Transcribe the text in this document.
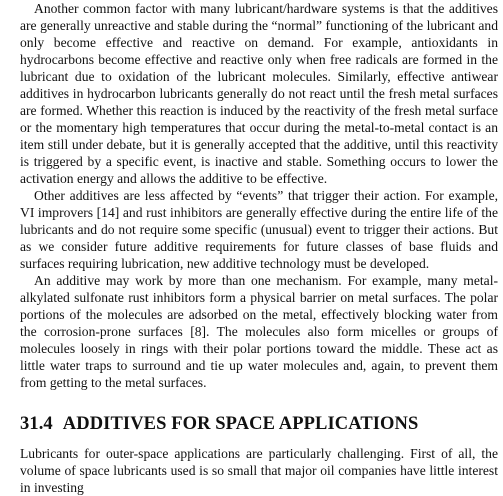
Another common factor with many lubricant/hardware systems is that the additives are generally unreactive and stable during the “normal” functioning of the lubricant and only become effective and reactive on demand. For example, antioxidants in hydrocarbons become effective and reactive only when free radicals are formed in the lubricant due to oxidation of the lubricant molecules. Similarly, effective antiwear additives in hydrocarbon lubricants generally do not react until the fresh metal surfaces are formed. Whether this reaction is induced by the reactivity of the fresh metal surface or the momentary high temperatures that occur during the metal-to-metal contact is an item still under debate, but it is generally accepted that the additive, until this reactivity is triggered by a specific event, is inactive and stable. Something occurs to lower the activation energy and allows the additive to be effective.

Other additives are less affected by “events” that trigger their action. For example, VI improvers [14] and rust inhibitors are generally effective during the entire life of the lubricants and do not require some specific (unusual) event to trigger their actions. But as we consider future additive requirements for future classes of base fluids and surfaces requiring lubrication, new additive technology must be developed.

An additive may work by more than one mechanism. For example, many metal-alkylated sulfonate rust inhibitors form a physical barrier on metal surfaces. The polar portions of the molecules are adsorbed on the metal, effectively blocking water from the corrosion-prone surfaces [8]. The molecules also form micelles or groups of molecules loosely in rings with their polar portions toward the middle. These act as little water traps to surround and tie up water molecules and, again, to prevent them from getting to the metal surfaces.

31.4 ADDITIVES FOR SPACE APPLICATIONS

Lubricants for outer-space applications are particularly challenging. First of all, the volume of space lubricants used is so small that major oil companies have little interest in investing
